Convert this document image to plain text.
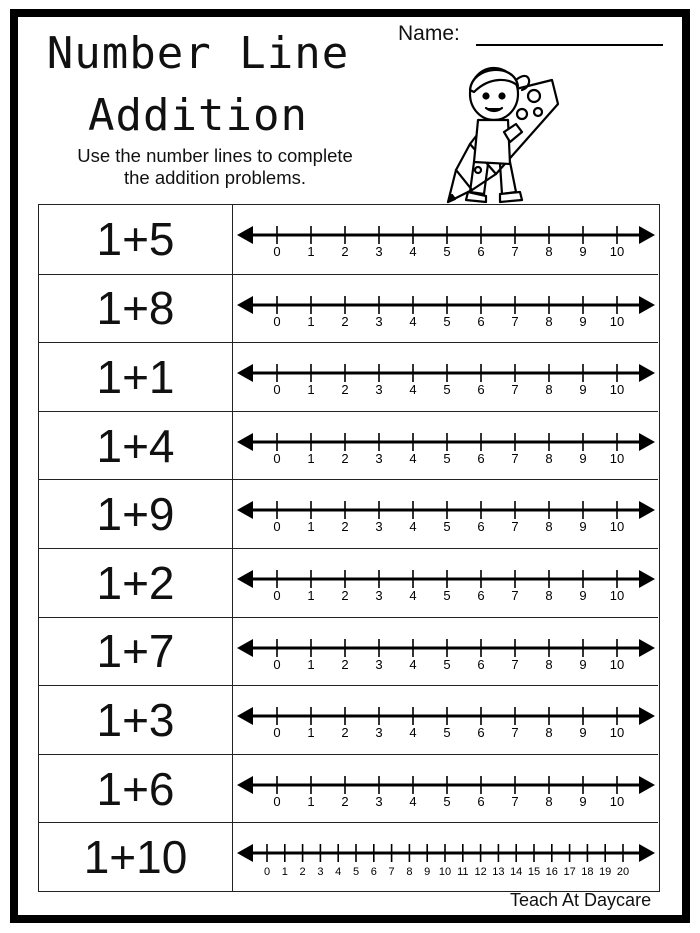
Number Line
Addition
Use the number lines to complete
the addition problems.
Name:
1+5	0 1 2 3 4 5 6 7 8 9 10
1+8	0 1 2 3 4 5 6 7 8 9 10
1+1	0 1 2 3 4 5 6 7 8 9 10
1+4	0 1 2 3 4 5 6 7 8 9 10
1+9	0 1 2 3 4 5 6 7 8 9 10
1+2	0 1 2 3 4 5 6 7 8 9 10
1+7	0 1 2 3 4 5 6 7 8 9 10
1+3	0 1 2 3 4 5 6 7 8 9 10
1+6	0 1 2 3 4 5 6 7 8 9 10
1+10	0 1 2 3 4 5 6 7 8 9 10 11 12 13 14 15 16 17 18 19 20
Teach At Daycare
